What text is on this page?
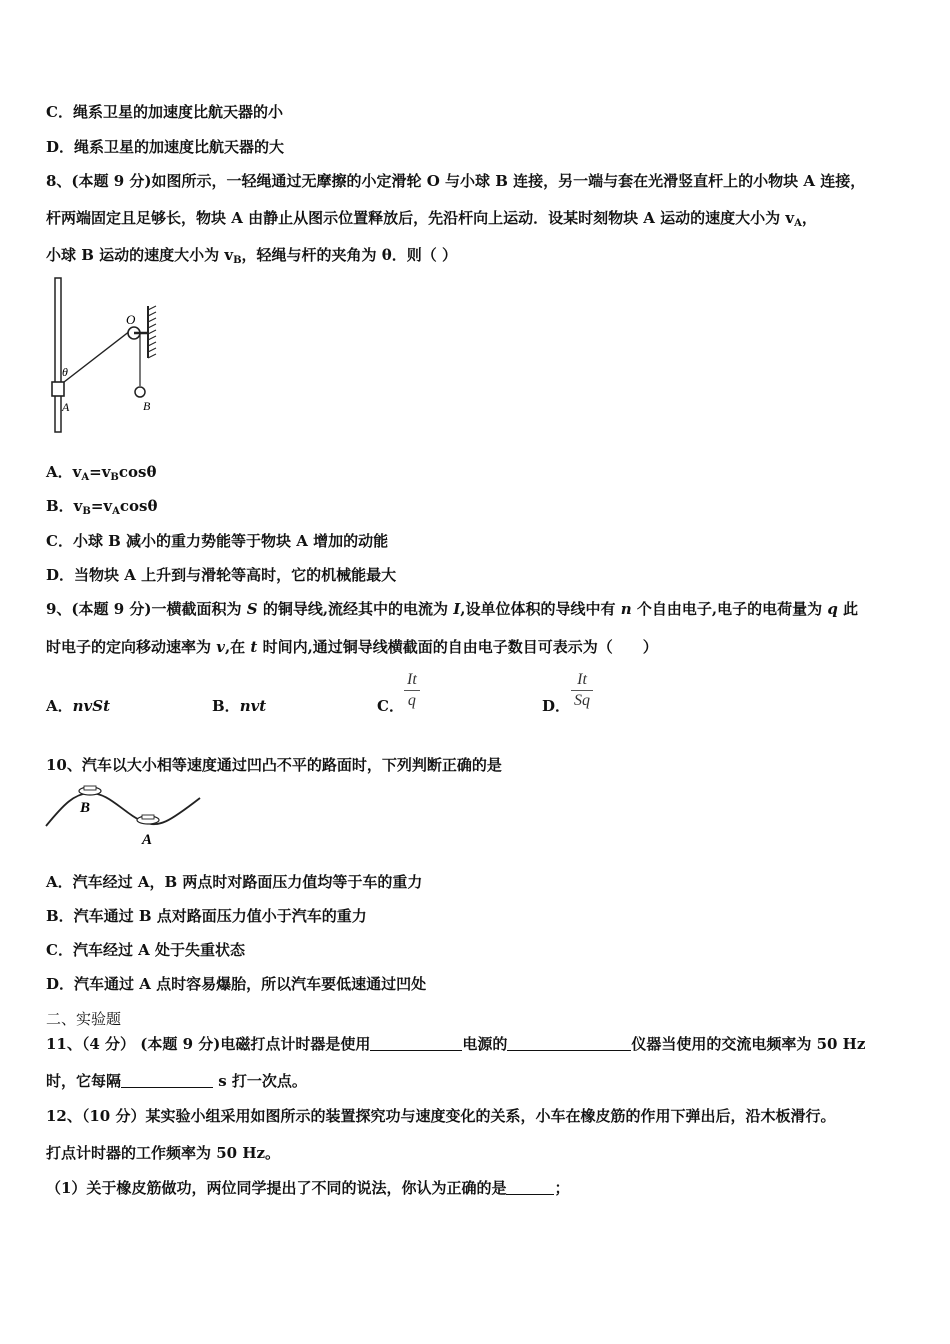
C．绳系卫星的加速度比航天器的小
D．绳系卫星的加速度比航天器的大
8、(本题 9 分)如图所示，一轻绳通过无摩擦的小定滑轮 O 与小球 B 连接，另一端与套在光滑竖直杆上的小物块 A 连接，
杆两端固定且足够长，物块 A 由静止从图示位置释放后，先沿杆向上运动．设某时刻物块 A 运动的速度大小为 $v_A$，
小球 B 运动的速度大小为 $v_B$，轻绳与杆的夹角为 θ．则（ ）
O
θ
A	B
A．$v_A=v_B\cos\theta$
B．$v_B=v_A\cos\theta$
C．小球 B 减小的重力势能等于物块 A 增加的动能
D．当物块 A 上升到与滑轮等高时，它的机械能最大
9、(本题 9 分)一横截面积为 S 的铜导线,流经其中的电流为 I,设单位体积的导线中有 n 个自由电子,电子的电荷量为 q 此
时电子的定向移动速率为 v,在 t 时间内,通过铜导线横截面的自由电子数目可表示为（　　）
A．nvSt	B．nvt	C． $\frac{It}{q}$	D． $\frac{It}{Sq}$
10、汽车以大小相等速度通过凹凸不平的路面时，下列判断正确的是
B
A
A．汽车经过 A，B 两点时对路面压力值均等于车的重力
B．汽车通过 B 点对路面压力值小于汽车的重力
C．汽车经过 A 处于失重状态
D．汽车通过 A 点时容易爆胎，所以汽车要低速通过凹处
二、实验题
11、（4 分） (本题 9 分)电磁打点计时器是使用	电源的	仪器当使用的交流电频率为 50 Hz
时，它每隔	s 打一次点。
12、（10 分）某实验小组采用如图所示的装置探究功与速度变化的关系，小车在橡皮筋的作用下弹出后，沿木板滑行。
打点计时器的工作频率为 50 Hz。
（1）关于橡皮筋做功，两位同学提出了不同的说法，你认为正确的是	；
